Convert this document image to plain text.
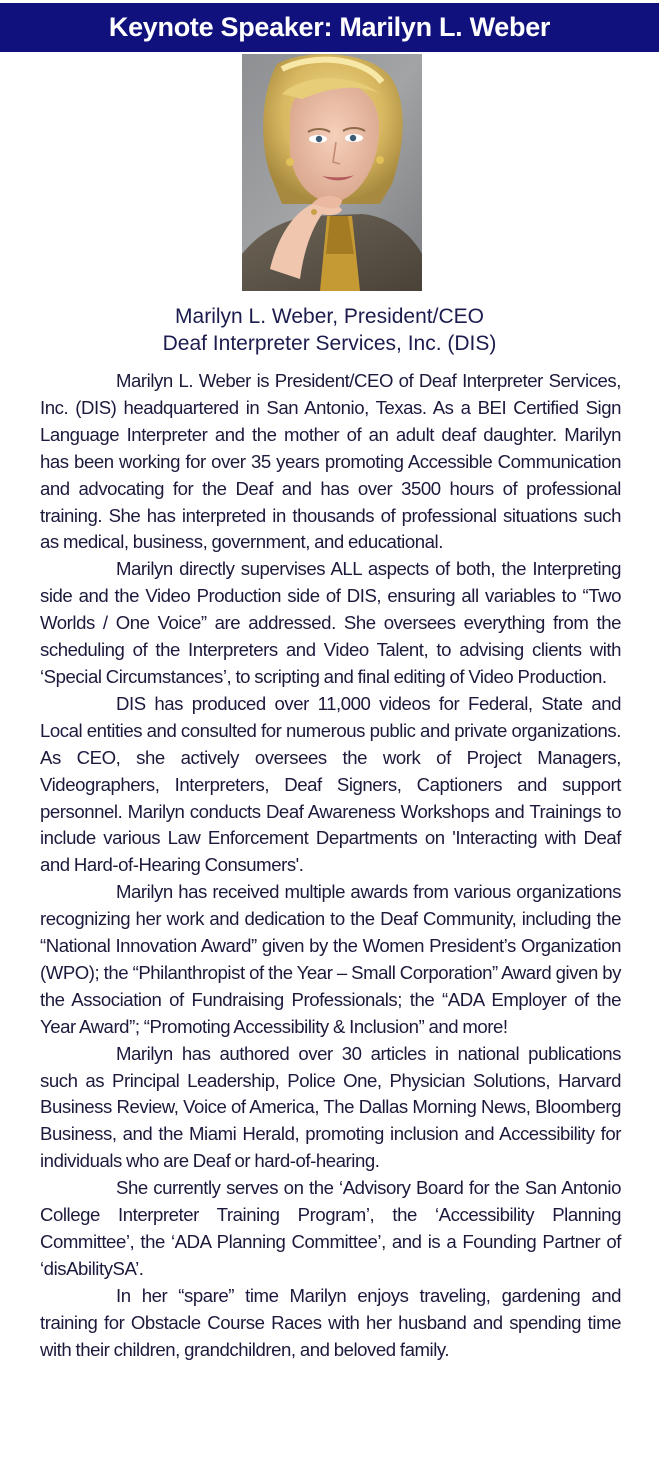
Keynote Speaker: Marilyn L. Weber
Marilyn L. Weber, President/CEO
Deaf Interpreter Services, Inc. (DIS)

Marilyn L. Weber is President/CEO of Deaf Interpreter Services, Inc. (DIS) headquartered in San Antonio, Texas. As a BEI Certified Sign Language Interpreter and the mother of an adult deaf daughter. Marilyn has been working for over 35 years promoting Accessible Communication and advocating for the Deaf and has over 3500 hours of professional training. She has interpreted in thousands of professional situations such as medical, business, government, and educational.

Marilyn directly supervises ALL aspects of both, the Interpreting side and the Video Production side of DIS, ensuring all variables to “Two Worlds / One Voice” are addressed. She oversees everything from the scheduling of the Interpreters and Video Talent, to advising clients with ‘Special Circumstances’, to scripting and final editing of Video Production.

DIS has produced over 11,000 videos for Federal, State and Local entities and consulted for numerous public and private organizations. As CEO, she actively oversees the work of Project Managers, Videographers, Interpreters, Deaf Signers, Captioners and support personnel. Marilyn conducts Deaf Awareness Workshops and Trainings to include various Law Enforcement Departments on 'Interacting with Deaf and Hard-of-Hearing Consumers'.

Marilyn has received multiple awards from various organizations recognizing her work and dedication to the Deaf Community, including the “National Innovation Award” given by the Women President’s Organization (WPO); the “Philanthropist of the Year – Small Corporation” Award given by the Association of Fundraising Professionals; the “ADA Employer of the Year Award”; “Promoting Accessibility & Inclusion” and more!

Marilyn has authored over 30 articles in national publications such as Principal Leadership, Police One, Physician Solutions, Harvard Business Review, Voice of America, The Dallas Morning News, Bloomberg Business, and the Miami Herald, promoting inclusion and Accessibility for individuals who are Deaf or hard-of-hearing.

She currently serves on the ‘Advisory Board for the San Antonio College Interpreter Training Program’, the ‘Accessibility Planning Committee’, the ‘ADA Planning Committee’, and is a Founding Partner of ‘disAbilitySA’.

In her “spare” time Marilyn enjoys traveling, gardening and training for Obstacle Course Races with her husband and spending time with their children, grandchildren, and beloved family.
